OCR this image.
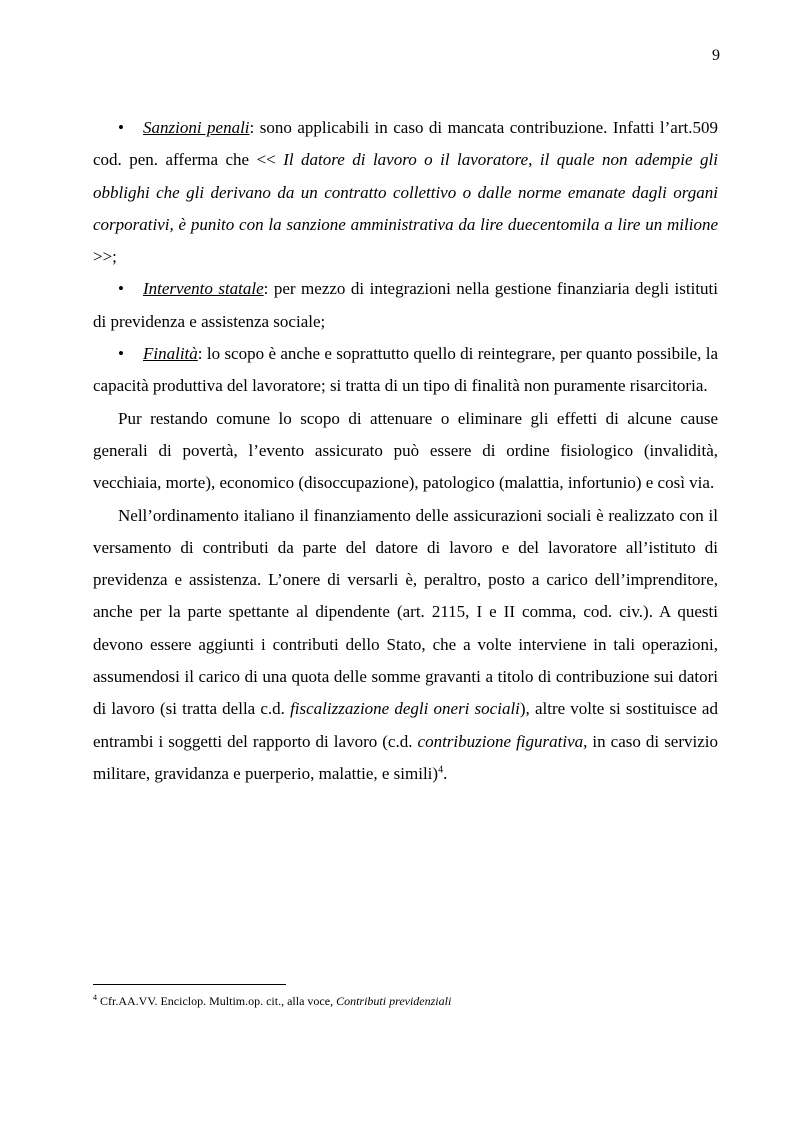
9

• Sanzioni penali: sono applicabili in caso di mancata contribuzione. Infatti l’art.509 cod. pen. afferma che << Il datore di lavoro o il lavoratore, il quale non adempie gli obblighi che gli derivano da un contratto collettivo o dalle norme emanate dagli organi corporativi, è punito con la sanzione amministrativa da lire duecentomila a lire un milione >>;

• Intervento statale: per mezzo di integrazioni nella gestione finanziaria degli istituti di previdenza e assistenza sociale;

• Finalità: lo scopo è anche e soprattutto quello di reintegrare, per quanto possibile, la capacità produttiva del lavoratore; si tratta di un tipo di finalità non puramente risarcitoria.

Pur restando comune lo scopo di attenuare o eliminare gli effetti di alcune cause generali di povertà, l’evento assicurato può essere di ordine fisiologico (invalidità, vecchiaia, morte), economico (disoccupazione), patologico (malattia, infortunio) e così via.

Nell’ordinamento italiano il finanziamento delle assicurazioni sociali è realizzato con il versamento di contributi da parte del datore di lavoro e del lavoratore all’istituto di previdenza e assistenza. L’onere di versarli è, peraltro, posto a carico dell’imprenditore, anche per la parte spettante al dipendente (art. 2115, I e II comma, cod. civ.). A questi devono essere aggiunti i contributi dello Stato, che a volte interviene in tali operazioni, assumendosi il carico di una quota delle somme gravanti a titolo di contribuzione sui datori di lavoro (si tratta della c.d. fiscalizzazione degli oneri sociali), altre volte si sostituisce ad entrambi i soggetti del rapporto di lavoro (c.d. contribuzione figurativa, in caso di servizio militare, gravidanza e puerperio, malattie, e simili)$^4$.

$^4$ Cfr.AA.VV. Enciclop. Multim.op. cit., alla voce, Contributi previdenziali
